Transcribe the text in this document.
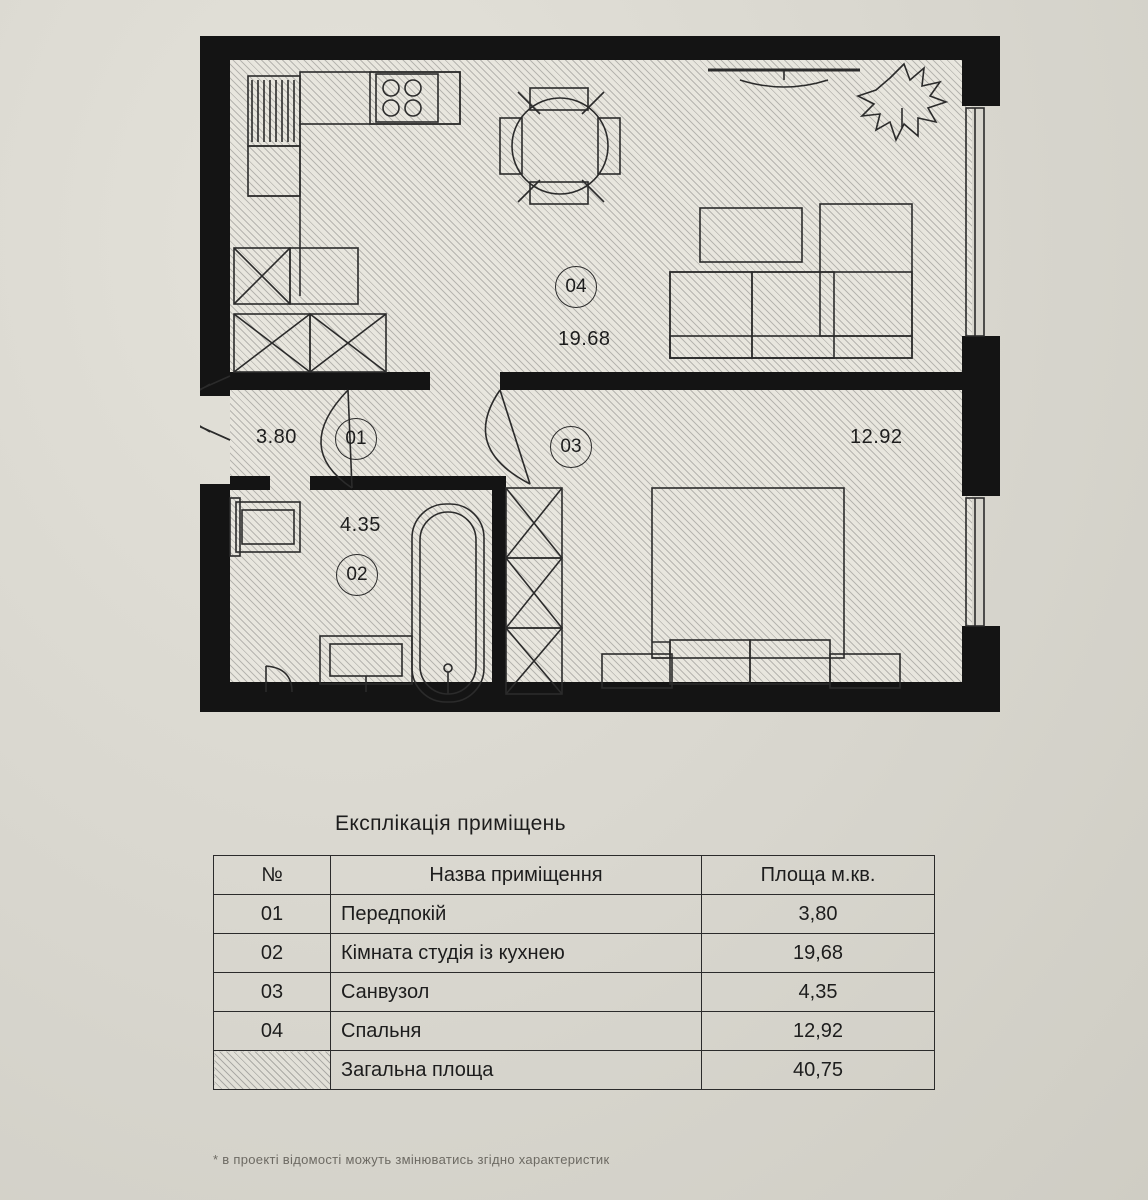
04
19.68
01
3.80	03	12.92
02
4.35
Експлікація приміщень
№	Назва приміщення	Площа м.кв.
01	Передпокій	3,80
02	Кімната студія із кухнею	19,68
03	Санвузол	4,35
04	Спальня	12,92
	Загальна площа	40,75
* в проекті відомості можуть змінюватись згідно характеристик
